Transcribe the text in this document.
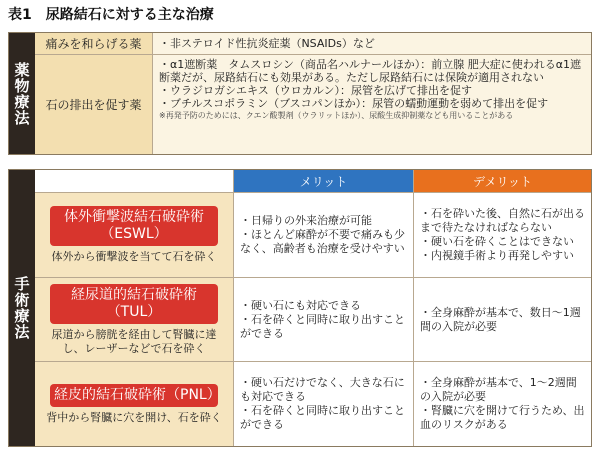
表1　尿路結石に対する主な治療
薬物療法
痛みを和らげる薬	・非ステロイド性抗炎症薬（NSAIDs）など

石の排出を促す薬

・α1遮断薬　タムスロシン（商品名ハルナールほか）：前立腺 肥大症に使われるα1遮断薬だが、尿路結石にも効果がある。ただし尿路結石には保険が適用されない

・ウラジロガシエキス（ウロカルン）：尿管を広げて排出を促す

・ブチルスコポラミン（ブスコパンほか）：尿管の蠕動運動を弱めて排出を促す

※再発予防のためには、クエン酸製剤（ウラリットほか）、尿酸生成抑制薬なども用いることがある

手術療法
メリット	デメリット
体外衝撃波結石破砕術（ESWL）
体外から衝撃波を当てて石を砕く

・日帰りの外来治療が可能

・ほとんど麻酔が不要で痛みも少なく、高齢者も治療を受けやすい

・石を砕いた後、自然に石が出るまで待たなければならない

・硬い石を砕くことはできない

・内視鏡手術より再発しやすい

経尿道的結石破砕術（TUL）
尿道から膀胱を経由して腎臓に達し、レーザーなどで石を砕く

・硬い石にも対応できる

・石を砕くと同時に取り出すことができる

・全身麻酔が基本で、数日〜1週間の入院が必要

経皮的結石破砕術（PNL）
背中から腎臓に穴を開け、石を砕く

・硬い石だけでなく、大きな石にも対応できる

・石を砕くと同時に取り出すことができる

・全身麻酔が基本で、1〜2週間の入院が必要

・腎臓に穴を開けて行うため、出血のリスクがある
